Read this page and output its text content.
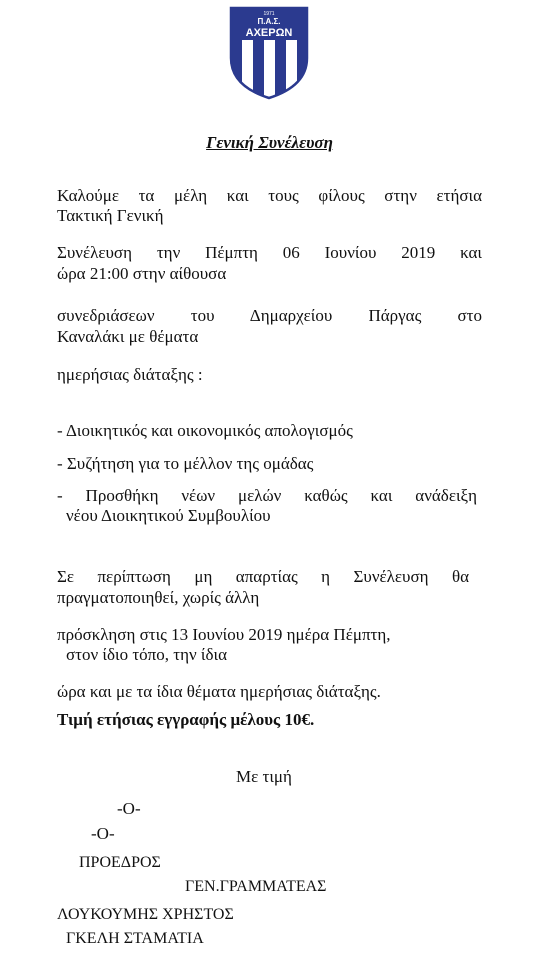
1971
Π.Α.Σ.
ΑΧΕΡΩΝ
Γενική Συνέλευση
Καλούμε τα μέλη και τους φίλους στην ετήσια
Τακτική Γενική
Συνέλευση την Πέμπτη 06 Ιουνίου 2019 και
ώρα 21:00 στην αίθουσα
συνεδριάσεων του Δημαρχείου Πάργας στο
Καναλάκι με θέματα
ημερήσιας διάταξης :
- Διοικητικός και οικονομικός απολογισμός
- Συζήτηση για το μέλλον της ομάδας
- Προσθήκη νέων μελών καθώς και ανάδειξη
νέου Διοικητικού Συμβουλίου
Σε περίπτωση μη απαρτίας η Συνέλευση θα
πραγματοποιηθεί, χωρίς άλλη
πρόσκληση στις 13 Ιουνίου 2019 ημέρα Πέμπτη,
στον ίδιο τόπο, την ίδια
ώρα και με τα ίδια θέματα ημερήσιας διάταξης.
Τιμή ετήσιας εγγραφής μέλους 10€.
Με τιμή
-Ο-
-Ο-
ΠΡΟΕΔΡΟΣ
ΓΕΝ.ΓΡΑΜΜΑΤΕΑΣ
ΛΟΥΚΟΥΜΗΣ ΧΡΗΣΤΟΣ
ΓΚΕΛΗ ΣΤΑΜΑΤΙΑ
